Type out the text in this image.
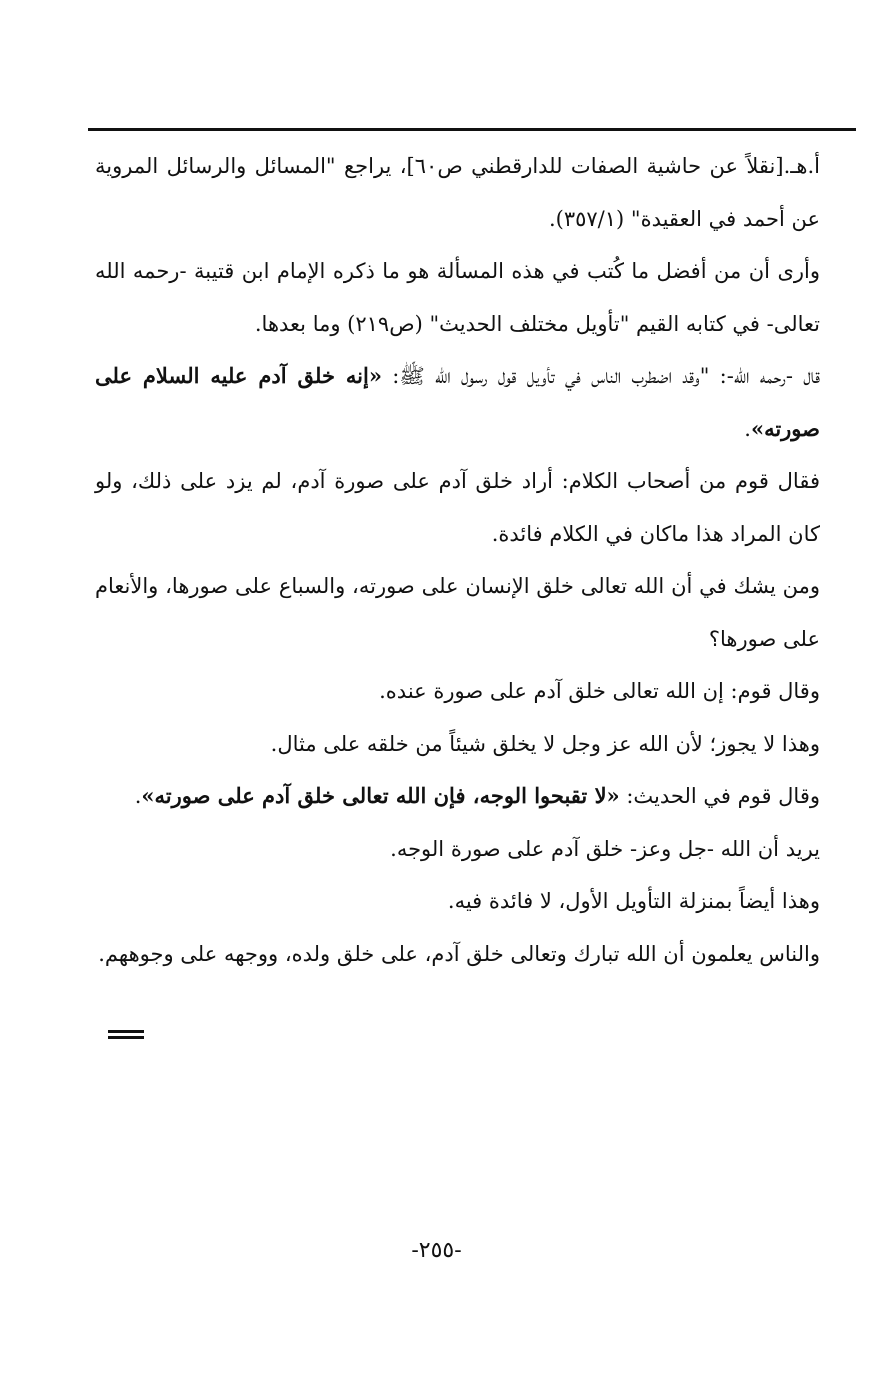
أ.هـ.[نقلاً عن حاشية الصفات للدارقطني ص٦٠]، يراجع "المسائل والرسائل المروية عن أحمد في العقيدة" (٣٥٧/١).

وأرى أن من أفضل ما كُتب في هذه المسألة هو ما ذكره الإمام ابن قتيبة -رحمه الله تعالى- في كتابه القيم "تأويل مختلف الحديث" (ص٢١٩) وما بعدها.

قال -رحمه الله-: "وقد اضطرب الناس في تأويل قول رسول الله ﷺ: «إنه خلق آدم عليه السلام على صورته».

فقال قوم من أصحاب الكلام: أراد خلق آدم على صورة آدم، لم يزد على ذلك، ولو كان المراد هذا ماكان في الكلام فائدة.

ومن يشك في أن الله تعالى خلق الإنسان على صورته، والسباع على صورها، والأنعام على صورها؟

وقال قوم: إن الله تعالى خلق آدم على صورة عنده.

وهذا لا يجوز؛ لأن الله عز وجل لا يخلق شيئاً من خلقه على مثال.

وقال قوم في الحديث: «لا تقبحوا الوجه، فإن الله تعالى خلق آدم على صورته».

يريد أن الله -جل وعز- خلق آدم على صورة الوجه.

وهذا أيضاً بمنزلة التأويل الأول، لا فائدة فيه.

والناس يعلمون أن الله تبارك وتعالى خلق آدم، على خلق ولده، ووجهه على وجوههم.

-٢٥٥-
